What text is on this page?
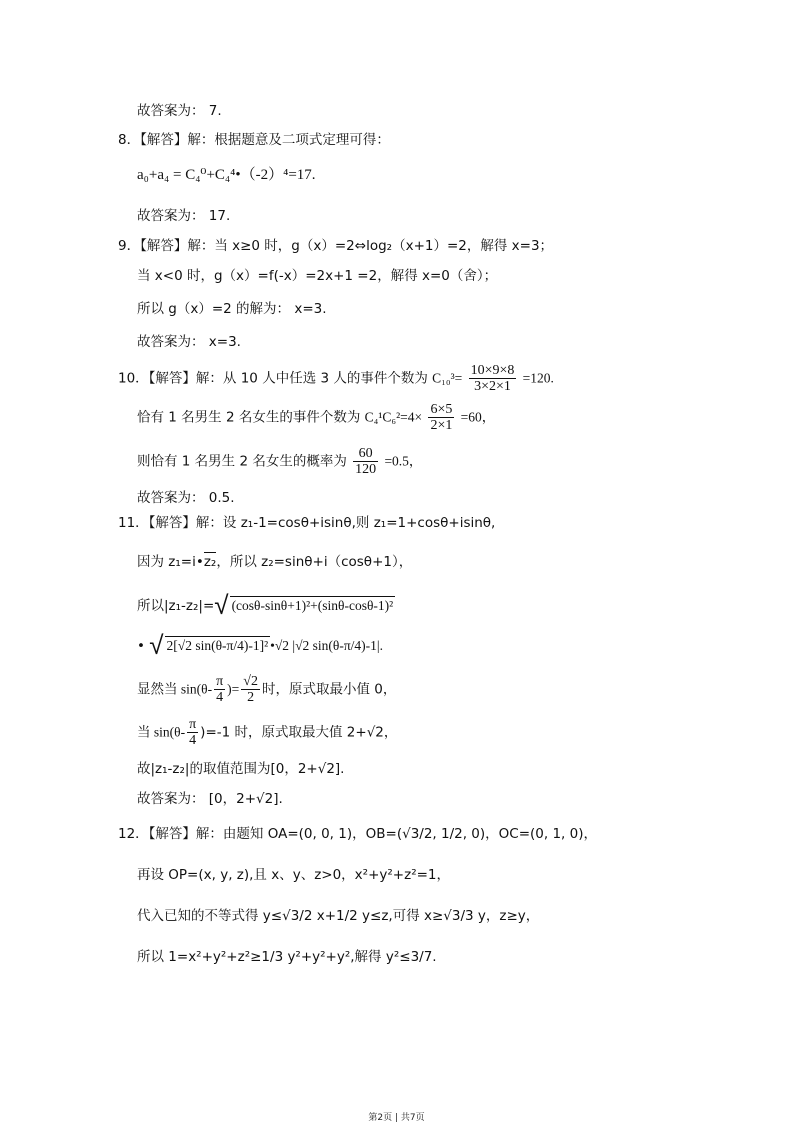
故答案为： 7.
8．【解答】解：根据题意及二项式定理可得：
a₀+a₄ = C₄⁰+C₄⁴•（-2）⁴=17.
故答案为： 17.
9．【解答】解：当 x≥0 时，g（x）=2⇔log₂（x+1）=2，解得 x=3；
当 x<0 时，g（x）=f(-x）=2x+1 =2，解得 x=0（舍）；
所以 g（x）=2 的解为： x=3.
故答案为： x=3.
10．【解答】解：从 10 人中任选 3 人的事件个数为 $C_{10}^3= \frac{10\times 9\times 8}{3\times 2\times 1} =120$.
恰有 1 名男生 2 名女生的事件个数为 $C_4^1C_6^2=4\times \frac{6\times 5}{2\times 1} =60$，
则恰有 1 名男生 2 名女生的概率为 $\frac{60}{120} =0.5$，
故答案为： 0.5.
11．【解答】解：设 z₁-1=cosθ+isinθ,则 z₁=1+cosθ+isinθ,
因为 z₁=i•z₂，所以 z₂=sinθ+i（cosθ+1），
所以|z₁-z₂|=√ (cosθ-sinθ+1)²+(sinθ-cosθ-1)²
• √ 2[√2 sin(θ-π/4)-1]² •√2 |√2 sin(θ-π/4)-1|.
显然当 $\sin(\theta- \frac{\pi}{4}$ )= $\frac{√2}{2}$ 时，原式取最小值 0，
当 $\sin(\theta- \frac{\pi}{4} )=-1$ 时，原式取最大值 2+√2，
故|z₁-z₂|的取值范围为[0，2+√2].
故答案为： [0，2+√2].
12．【解答】解：由题知 OA=(0, 0, 1)，OB=(√3/2, 1/2, 0)，OC=(0, 1, 0)，
再设 OP=(x, y, z),且 x、y、z>0，x²+y²+z²=1，
代入已知的不等式得 y≤√3/2 x+1/2 y≤z,可得 x≥√3/3 y，z≥y，
所以 1=x²+y²+z²≥1/3 y²+y²+y²,解得 y²≤3/7.
第2页 | 共7页
